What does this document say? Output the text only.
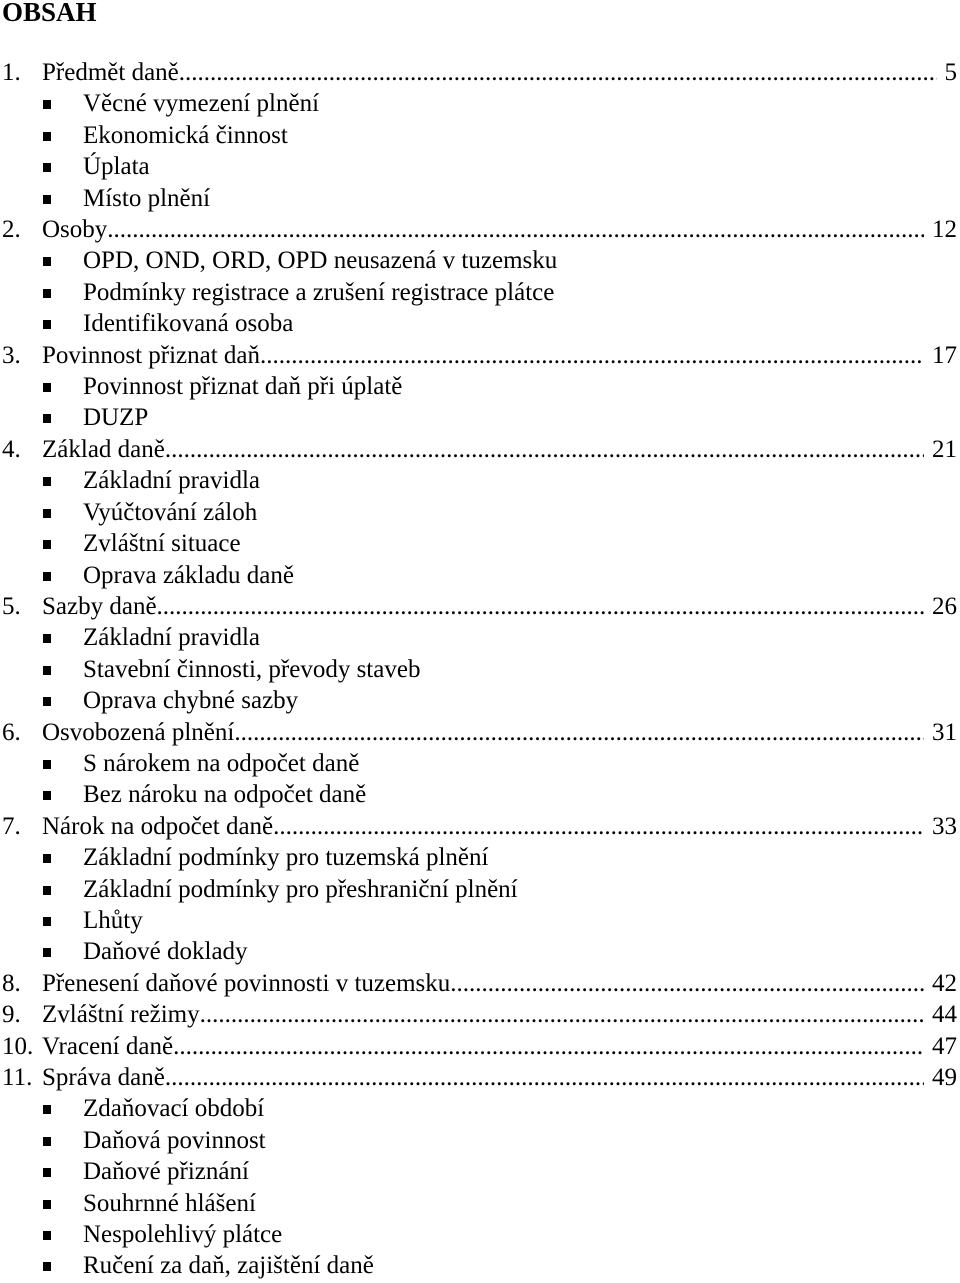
OBSAH
1. Předmět daně .....	5
Věcné vymezení plnění
Ekonomická činnost
Úplata
Místo plnění
2. Osoby .....	12
OPD, OND, ORD, OPD neusazená v tuzemsku
Podmínky registrace a zrušení registrace plátce
Identifikovaná osoba
3. Povinnost přiznat daň .....	17
Povinnost přiznat daň při úplatě
DUZP
4. Základ daně .....	21
Základní pravidla
Vyúčtování záloh
Zvláštní situace
Oprava základu daně
5. Sazby daně .....	26
Základní pravidla
Stavební činnosti, převody staveb
Oprava chybné sazby
6. Osvobozená plnění .....	31
S nárokem na odpočet daně
Bez nároku na odpočet daně
7. Nárok na odpočet daně .....	33
Základní podmínky pro tuzemská plnění
Základní podmínky pro přeshraniční plnění
Lhůty
Daňové doklady
8. Přenesení daňové povinnosti v tuzemsku .....	42
9. Zvláštní režimy .....	44
10. Vracení daně .....	47
11. Správa daně .....	49
Zdaňovací období
Daňová povinnost
Daňové přiznání
Souhrnné hlášení
Nespolehlivý plátce
Ručení za daň, zajištění daně
